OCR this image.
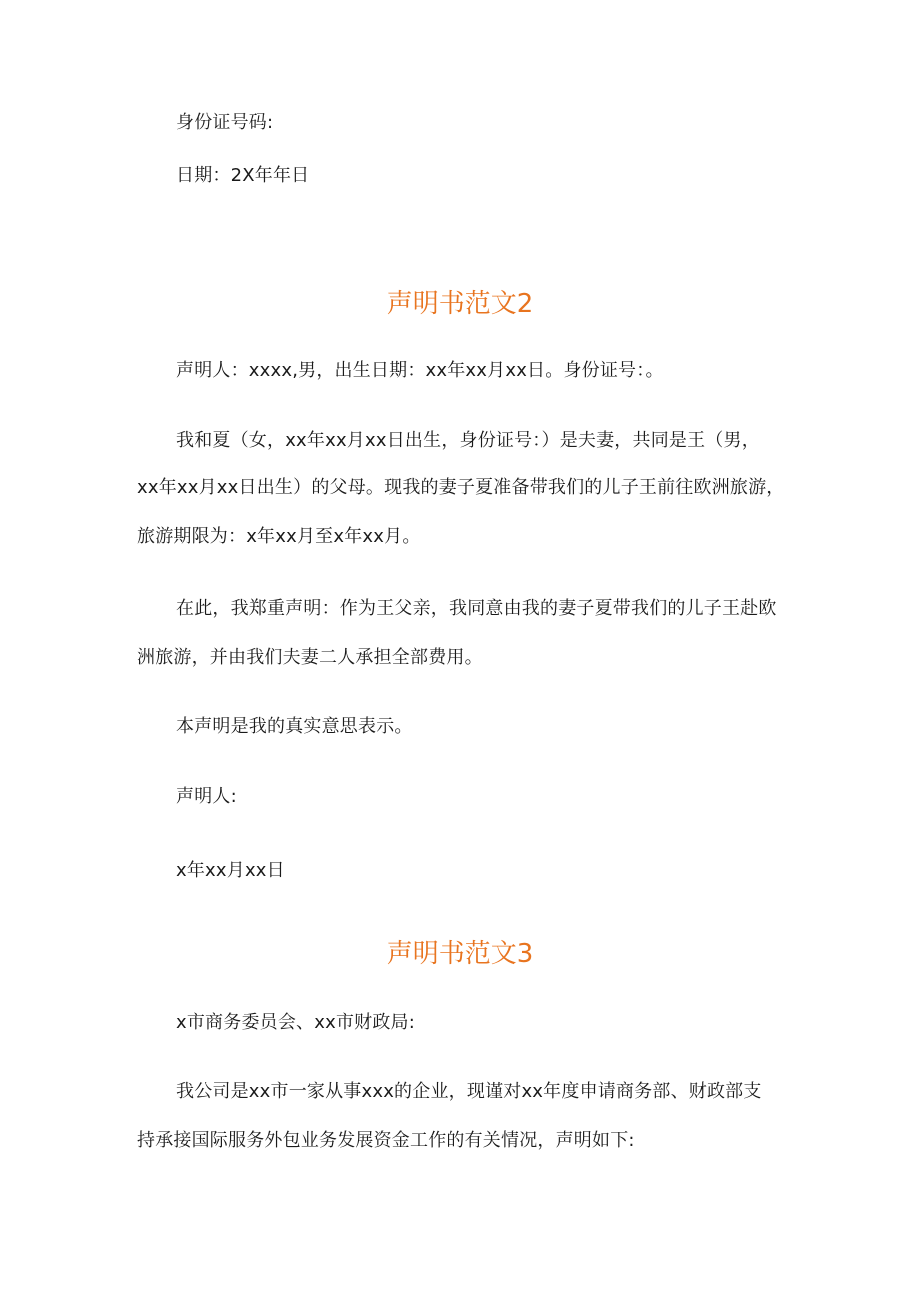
身份证号码:
日期：2X年年日
声明书范文2
声明人：xxxx,男，出生日期：xx年xx月xx日。身份证号：。
我和夏（女，xx年xx月xx日出生，身份证号：）是夫妻，共同是王（男，
xx年xx月xx日出生）的父母。现我的妻子夏准备带我们的儿子王前往欧洲旅游，
旅游期限为：x年xx月至x年xx月。
在此，我郑重声明：作为王父亲，我同意由我的妻子夏带我们的儿子王赴欧
洲旅游，并由我们夫妻二人承担全部费用。
本声明是我的真实意思表示。
声明人:
x年xx月xx日
声明书范文3
x市商务委员会、xx市财政局:
我公司是xx市一家从事xxx的企业，现谨对xx年度申请商务部、财政部支
持承接国际服务外包业务发展资金工作的有关情况，声明如下:
